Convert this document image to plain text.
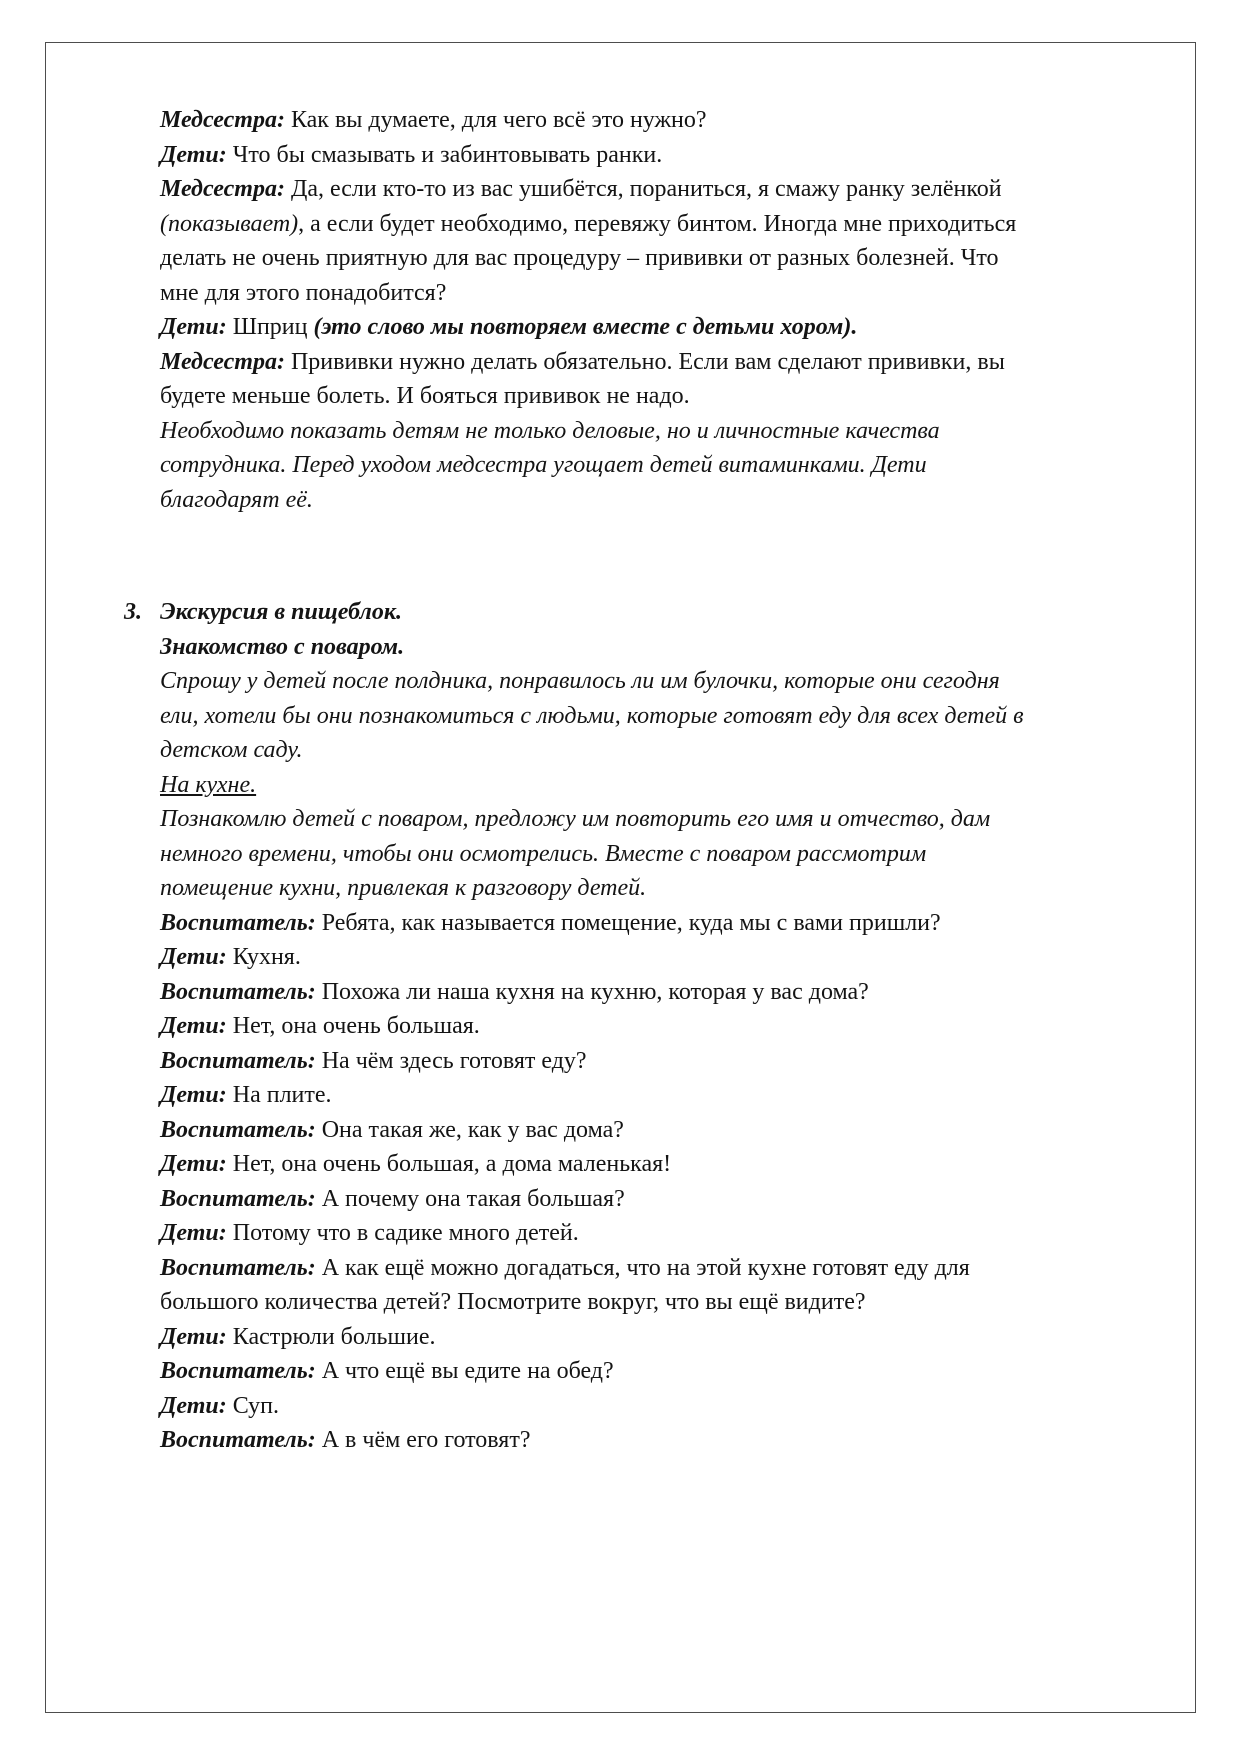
Медсестра: Как вы думаете, для чего всё это нужно?

Дети: Что бы смазывать и забинтовывать ранки.

Медсестра: Да, если кто-то из вас ушибётся, пораниться, я смажу ранку зелёнкой (показывает), а если будет необходимо, перевяжу бинтом. Иногда мне приходиться делать не очень приятную для вас процедуру – прививки от разных болезней. Что мне для этого понадобится?

Дети: Шприц (это слово мы повторяем вместе с детьми хором).

Медсестра: Прививки нужно делать обязательно. Если вам сделают прививки, вы будете меньше болеть. И бояться прививок не надо.

Необходимо показать детям не только деловые, но и личностные качества сотрудника. Перед уходом медсестра угощает детей витаминками. Дети благодарят её.

3. Экскурсия в пищеблок.

Знакомство с поваром.

Спрошу у детей после полдника, понравилось ли им булочки, которые они сегодня ели, хотели бы они познакомиться с людьми, которые готовят еду для всех детей в детском саду.

На кухне.

Познакомлю детей с поваром, предложу им повторить его имя и отчество, дам немного времени, чтобы они осмотрелись. Вместе с поваром рассмотрим помещение кухни, привлекая к разговору детей.

Воспитатель: Ребята, как называется помещение, куда мы с вами пришли?

Дети: Кухня.

Воспитатель: Похожа ли наша кухня на кухню, которая у вас дома?

Дети: Нет, она очень большая.

Воспитатель: На чём здесь готовят еду?

Дети: На плите.

Воспитатель: Она такая же, как у вас дома?

Дети: Нет, она очень большая, а дома маленькая!

Воспитатель: А почему она такая большая?

Дети: Потому что в садике много детей.

Воспитатель: А как ещё можно догадаться, что на этой кухне готовят еду для большого количества детей? Посмотрите вокруг, что вы ещё видите?

Дети: Кастрюли большие.

Воспитатель: А что ещё вы едите на обед?

Дети: Суп.

Воспитатель: А в чём его готовят?
